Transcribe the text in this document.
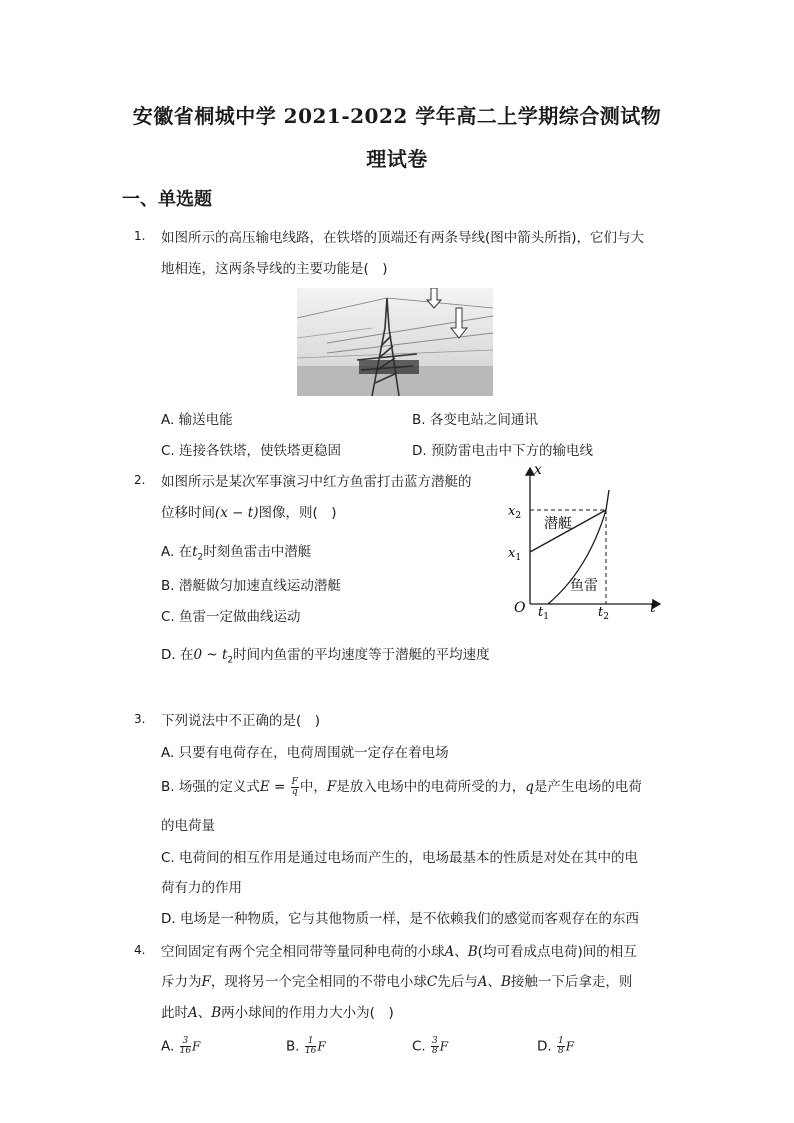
安徽省桐城中学 2021-2022 学年高二上学期综合测试物
理试卷
一、单选题
1. 如图所示的高压输电线路，在铁塔的顶端还有两条导线(图中箭头所指)，它们与大
地相连，这两条导线的主要功能是(　)
A. 输送电能	B. 各变电站之间通讯
C. 连接各铁塔，使铁塔更稳固	D. 预防雷电击中下方的输电线
2. 如图所示是某次军事演习中红方鱼雷打击蓝方潜艇的
位移时间(x − t)图像，则(　)
A. 在$t_2$时刻鱼雷击中潜艇
B. 潜艇做匀加速直线运动潜艇
C. 鱼雷一定做曲线运动
D. 在0 ~ $t_2$时间内鱼雷的平均速度等于潜艇的平均速度
x
t
O
$x_2$
$x_1$
$t_1$	$t_2$
潜艇
鱼雷
3. 下列说法中不正确的是(　)
A. 只要有电荷存在，电荷周围就一定存在着电场
B. 场强的定义式$E = \frac{F}{q}$ 中，F是放入电场中的电荷所受的力，q是产生电场的电荷
的电荷量
C. 电荷间的相互作用是通过电场而产生的，电场最基本的性质是对处在其中的电
荷有力的作用
D. 电场是一种物质，它与其他物质一样，是不依赖我们的感觉而客观存在的东西
4. 空间固定有两个完全相同带等量同种电荷的小球A、B(均可看成点电荷)间的相互
斥力为F，现将另一个完全相同的不带电小球C先后与A、B接触一下后拿走，则
此时A、B两小球间的作用力大小为(　)
A. $\frac{3}{16}$ F	B. $\frac{1}{16}$ F	C. $\frac{3}{8}$ F	D. $\frac{1}{8}$ F
